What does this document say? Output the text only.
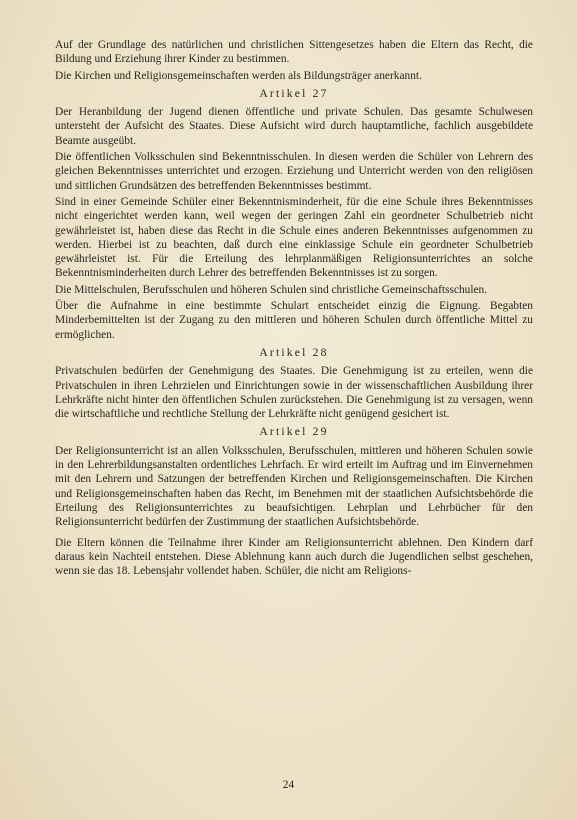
Auf der Grundlage des natürlichen und christlichen Sittengesetzes haben die Eltern das Recht, die Bildung und Erziehung ihrer Kinder zu bestimmen.

Die Kirchen und Religionsgemeinschaften werden als Bildungsträger anerkannt.

Artikel 27

Der Heranbildung der Jugend dienen öffentliche und private Schulen. Das gesamte Schulwesen untersteht der Aufsicht des Staates. Diese Aufsicht wird durch hauptamtliche, fachlich ausgebildete Beamte ausgeübt.

Die öffentlichen Volksschulen sind Bekenntnisschulen. In diesen werden die Schüler von Lehrern des gleichen Bekenntnisses unterrichtet und erzogen. Erziehung und Unterricht werden von den religiösen und sittlichen Grundsätzen des betreffenden Bekenntnisses bestimmt.

Sind in einer Gemeinde Schüler einer Bekenntnisminderheit, für die eine Schule ihres Bekenntnisses nicht eingerichtet werden kann, weil wegen der geringen Zahl ein geordneter Schulbetrieb nicht gewährleistet ist, haben diese das Recht in die Schule eines anderen Bekenntnisses aufgenommen zu werden. Hierbei ist zu beachten, daß durch eine einklassige Schule ein geordneter Schulbetrieb gewährleistet ist. Für die Erteilung des lehrplanmäßigen Religionsunterrichtes an solche Bekenntnisminderheiten durch Lehrer des betreffenden Bekenntnisses ist zu sorgen.

Die Mittelschulen, Berufsschulen und höheren Schulen sind christliche Gemeinschaftsschulen.

Über die Aufnahme in eine bestimmte Schulart entscheidet einzig die Eignung. Begabten Minderbemittelten ist der Zugang zu den mittleren und höheren Schulen durch öffentliche Mittel zu ermöglichen.

Artikel 28

Privatschulen bedürfen der Genehmigung des Staates. Die Genehmigung ist zu erteilen, wenn die Privatschulen in ihren Lehrzielen und Einrichtungen sowie in der wissenschaftlichen Ausbildung ihrer Lehrkräfte nicht hinter den öffentlichen Schulen zurückstehen. Die Genehmigung ist zu versagen, wenn die wirtschaftliche und rechtliche Stellung der Lehrkräfte nicht genügend gesichert ist.

Artikel 29

Der Religionsunterricht ist an allen Volksschulen, Berufsschulen, mittleren und höheren Schulen sowie in den Lehrerbildungsanstalten ordentliches Lehrfach. Er wird erteilt im Auftrag und im Einvernehmen mit den Lehrern und Satzungen der betreffenden Kirchen und Religionsgemeinschaften. Die Kirchen und Religionsgemeinschaften haben das Recht, im Benehmen mit der staatlichen Aufsichtsbehörde die Erteilung des Religionsunterrichtes zu beaufsichtigen. Lehrplan und Lehrbücher für den Religionsunterricht bedürfen der Zustimmung der staatlichen Aufsichtsbehörde.

Die Eltern können die Teilnahme ihrer Kinder am Religionsunterricht ablehnen. Den Kindern darf daraus kein Nachteil entstehen. Diese Ablehnung kann auch durch die Jugendlichen selbst geschehen, wenn sie das 18. Lebensjahr vollendet haben. Schüler, die nicht am Religions-

24
